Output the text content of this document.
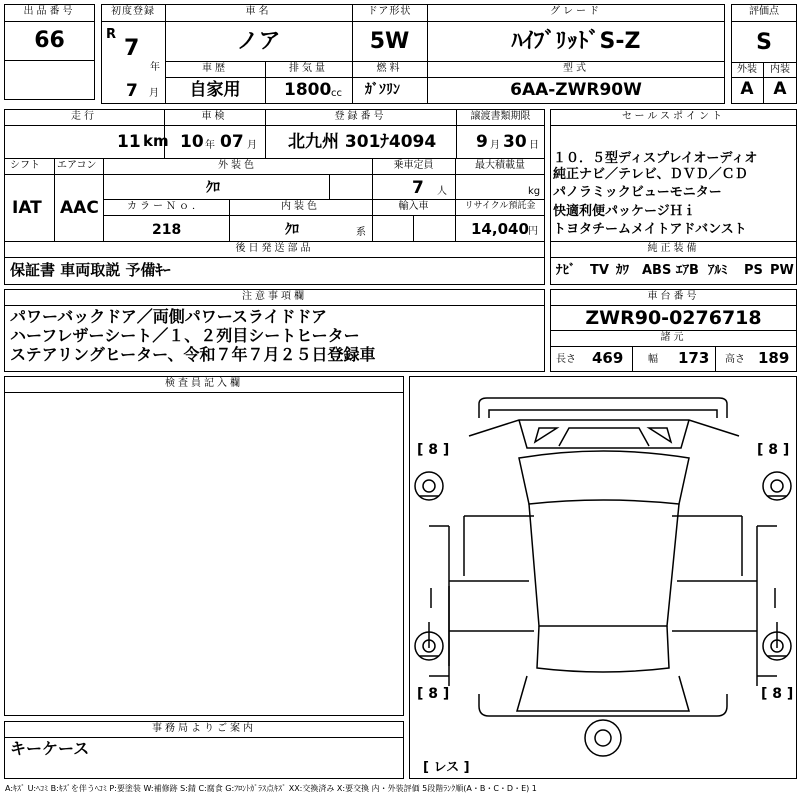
出品番号
66
初度登録
R
7
年
7 月
車名
ノア
ドア形状
5W
グレード
ﾊｲﾌﾞﾘｯﾄﾞS-Z
車歴
自家用
排気量
1800 cc
燃料
ｶﾞｿﾘﾝ
型式
6AA-ZWR90W
評価点
S
外装	内装
A	A
走行
11 km
車検
10 年 07 月
登録番号
北九州 301ﾅ4094
譲渡書類期限
9 月 30 日
シフト
IAT
エアコン
AAC
外装色
ｸﾛ
乗車定員
7 人
最大積載量
kg
カラーＮｏ．
218
内装色
ｸﾛ	系
輸入車	リサイクル預託金
14,040 円
後日発送部品
保証書 車両取説 予備ｷｰ
セールスポイント
１０．５型ディスプレイオーディオ
純正ナビ／テレビ、ＤＶＤ／ＣＤ
パノラミックビューモニター
快適利便パッケージＨｉ
トヨタチームメイトアドバンスト
純正装備
ﾅﾋﾞ TV ｶﾜ ABS ｴｱB ｱﾙﾐ PS PW
注意事項欄
パワーバックドア／両側パワースライドドア
ハーフレザーシート／１、２列目シートヒーター
ステアリングヒーター、令和７年７月２５日登録車
車台番号
ZWR90-0276718
諸元
長さ 469 幅 173 高さ 189
検査員記入欄
[ 8 ]	[ 8 ]
[ 8 ]	[ 8 ]
[ レス ]
事務局よりご案内
キーケース
A:ｷｽﾞ U:ﾍｺﾐ B:ｷｽﾞを伴うﾍｺﾐ P:要塗装 W:補修跡 S:錆 C:腐食 G:ﾌﾛﾝﾄｶﾞﾗｽ点ｷｽﾞ XX:交換済み X:要交換 内・外装評価 5段階ﾗﾝｸ順(A・B・C・D・E) 1
